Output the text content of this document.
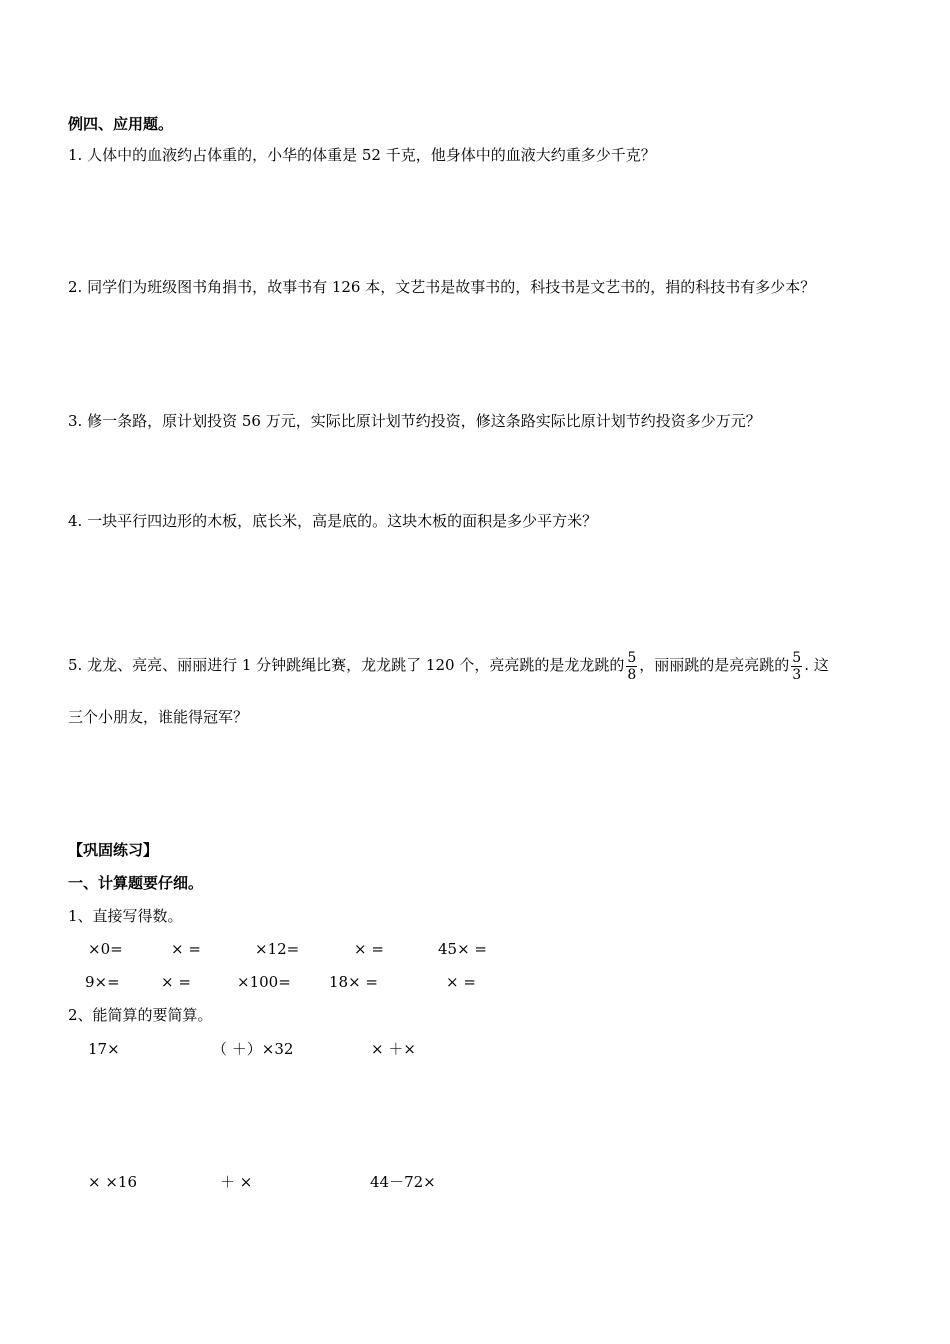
例四、应用题。
1. 人体中的血液约占体重的，小华的体重是 52 千克，他身体中的血液大约重多少千克？
2. 同学们为班级图书角捐书，故事书有 126 本，文艺书是故事书的，科技书是文艺书的，捐的科技书有多少本？
3. 修一条路，原计划投资 56 万元，实际比原计划节约投资，修这条路实际比原计划节约投资多少万元？
4. 一块平行四边形的木板，底长米，高是底的。这块木板的面积是多少平方米？
5. 龙龙、亮亮、丽丽进行 1 分钟跳绳比赛，龙龙跳了 120 个，亮亮跳的是龙龙跳的 $\frac{5}{8}$ ，丽丽跳的是亮亮跳的 $\frac{5}{3}$ . 这
三个小朋友，谁能得冠军？
【巩固练习】
一、计算题要仔细。
1、直接写得数。
×0=	× =	×12=	× =	45× =
9×=	× =	×100=	18× =	× =
2、能简算的要简算。
17×	（ ＋）×32	× ＋×
× ×16	＋ ×	44－72×
